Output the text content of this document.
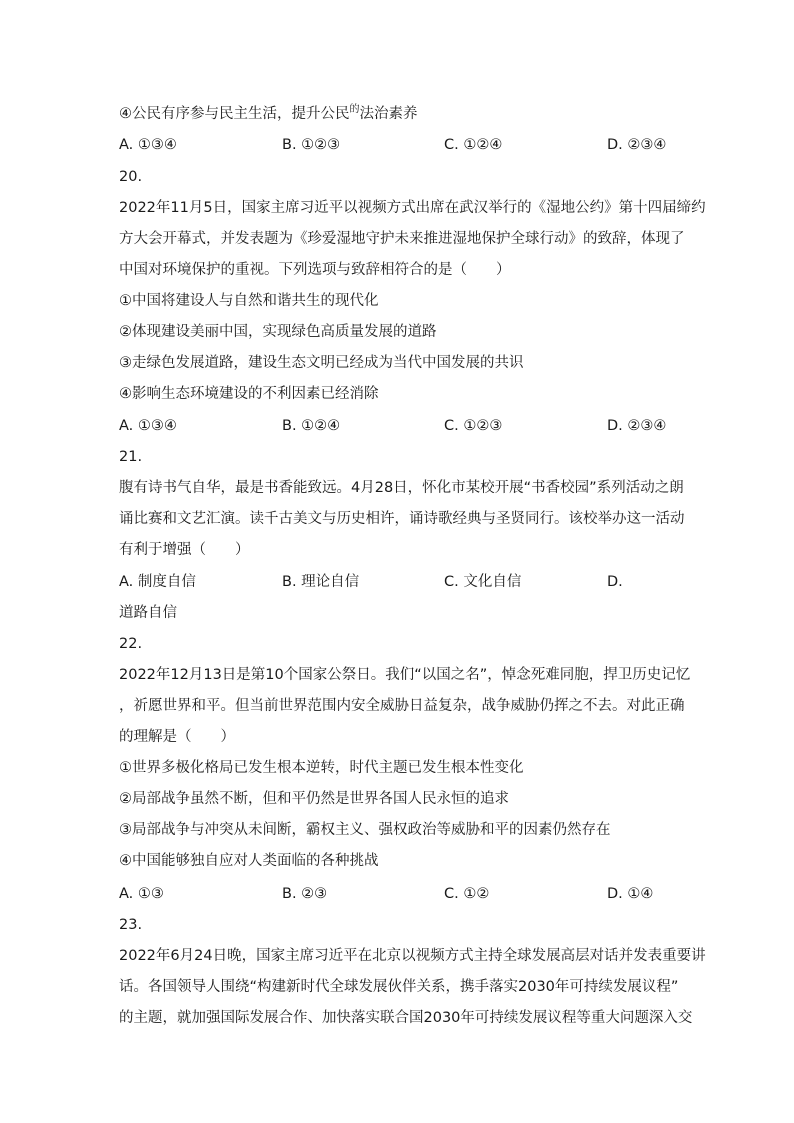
④公民有序参与民主生活，提升公民$^的$法治素养
A. ①③④	B. ①②③	C. ①②④	D. ②③④
20.
2022年11月5日，国家主席习近平以视频方式出席在武汉举行的《湿地公约》第十四届缔约
方大会开幕式，并发表题为《珍爱湿地守护未来推进湿地保护全球行动》的致辞，体现了
中国对环境保护的重视。下列选项与致辞相符合的是（　　）
①中国将建设人与自然和谐共生的现代化
②体现建设美丽中国，实现绿色高质量发展的道路
③走绿色发展道路，建设生态文明已经成为当代中国发展的共识
④影响生态环境建设的不利因素已经消除
A. ①③④	B. ①②④	C. ①②③	D. ②③④
21.
腹有诗书气自华，最是书香能致远。4月28日，怀化市某校开展“书香校园”系列活动之朗
诵比赛和文艺汇演。读千古美文与历史相许，诵诗歌经典与圣贤同行。该校举办这一活动
有利于增强（　　）
A. 制度自信	B. 理论自信	C. 文化自信	D.
道路自信
22.
2022年12月13日是第10个国家公祭日。我们“以国之名”，悼念死难同胞，捍卫历史记忆
，祈愿世界和平。但当前世界范围内安全威胁日益复杂，战争威胁仍挥之不去。对此正确
的理解是（　　）
①世界多极化格局已发生根本逆转，时代主题已发生根本性变化
②局部战争虽然不断，但和平仍然是世界各国人民永恒的追求
③局部战争与冲突从未间断，霸权主义、强权政治等威胁和平的因素仍然存在
④中国能够独自应对人类面临的各种挑战
A. ①③	B. ②③	C. ①②	D. ①④
23.
2022年6月24日晚，国家主席习近平在北京以视频方式主持全球发展高层对话并发表重要讲
话。各国领导人围绕“构建新时代全球发展伙伴关系，携手落实2030年可持续发展议程”
的主题，就加强国际发展合作、加快落实联合国2030年可持续发展议程等重大问题深入交
